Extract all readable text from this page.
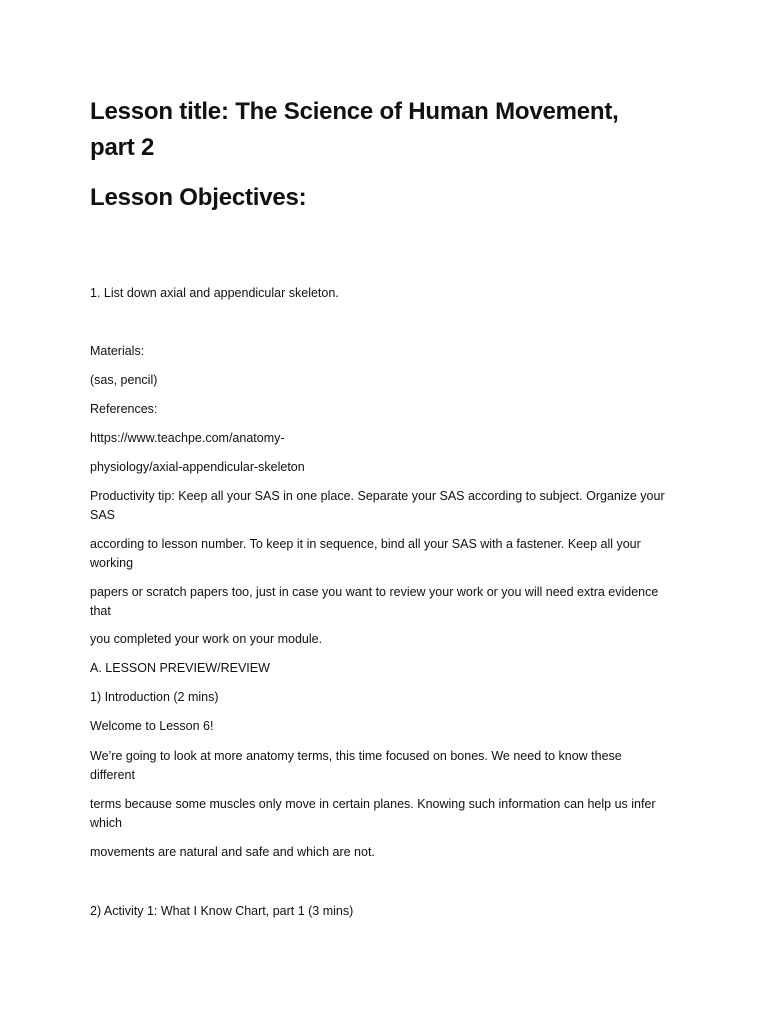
Lesson title: The Science of Human Movement,
part 2
Lesson Objectives:
1. List down axial and appendicular skeleton.
Materials:
(sas, pencil)
References:
https://www.teachpe.com/anatomy-
physiology/axial-appendicular-skeleton
Productivity tip: Keep all your SAS in one place. Separate your SAS according to subject. Organize your
SAS
according to lesson number. To keep it in sequence, bind all your SAS with a fastener. Keep all your
working
papers or scratch papers too, just in case you want to review your work or you will need extra evidence
that
you completed your work on your module.
A. LESSON PREVIEW/REVIEW
1) Introduction (2 mins)
Welcome to Lesson 6!
We’re going to look at more anatomy terms, this time focused on bones. We need to know these
different
terms because some muscles only move in certain planes. Knowing such information can help us infer
which
movements are natural and safe and which are not.
2) Activity 1: What I Know Chart, part 1 (3 mins)
